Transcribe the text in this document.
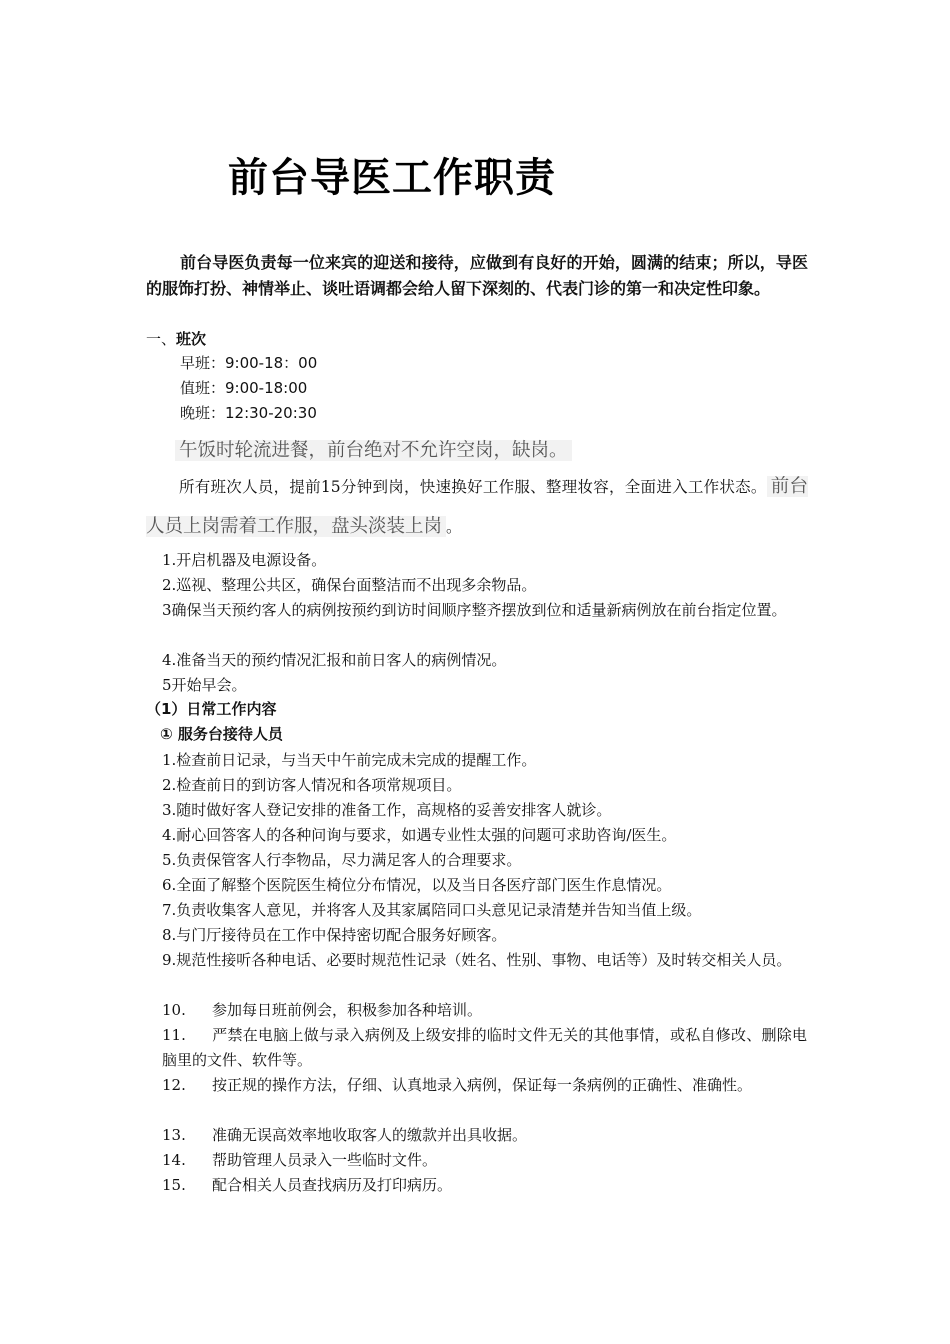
前台导医工作职责
前台导医负责每一位来宾的迎送和接待，应做到有良好的开始，圆满的结束；所以，导医的服饰打扮、神情举止、谈吐语调都会给人留下深刻的、代表门诊的第一和决定性印象。
一、班次
早班：9:00-18：00
值班：9:00-18:00
晚班：12:30-20:30
午饭时轮流进餐，前台绝对不允许空岗，缺岗。
所有班次人员，提前15分钟到岗，快速换好工作服、整理妆容，全面进入工作状态。 前台人员上岗需着工作服，盘头淡装上岗 。
1.开启机器及电源设备。
2.巡视、整理公共区，确保台面整洁而不出现多余物品。
3确保当天预约客人的病例按预约到访时间顺序整齐摆放到位和适量新病例放在前台指定位置。
4.准备当天的预约情况汇报和前日客人的病例情况。
5开始早会。
（1）日常工作内容
① 服务台接待人员
1.检查前日记录，与当天中午前完成未完成的提醒工作。
2.检查前日的到访客人情况和各项常规项目。
3.随时做好客人登记安排的准备工作，高规格的妥善安排客人就诊。
4.耐心回答客人的各种问询与要求，如遇专业性太强的问题可求助咨询/医生。
5.负责保管客人行李物品，尽力满足客人的合理要求。
6.全面了解整个医院医生椅位分布情况，以及当日各医疗部门医生作息情况。
7.负责收集客人意见，并将客人及其家属陪同口头意见记录清楚并告知当值上级。
8.与门厅接待员在工作中保持密切配合服务好顾客。
9.规范性接听各种电话、必要时规范性记录（姓名、性别、事物、电话等）及时转交相关人员。
10. 参加每日班前例会，积极参加各种培训。
11. 严禁在电脑上做与录入病例及上级安排的临时文件无关的其他事情，或私自修改、删除电脑里的文件、软件等。
12. 按正规的操作方法，仔细、认真地录入病例，保证每一条病例的正确性、准确性。
13. 准确无误高效率地收取客人的缴款并出具收据。
14. 帮助管理人员录入一些临时文件。
15. 配合相关人员查找病历及打印病历。
